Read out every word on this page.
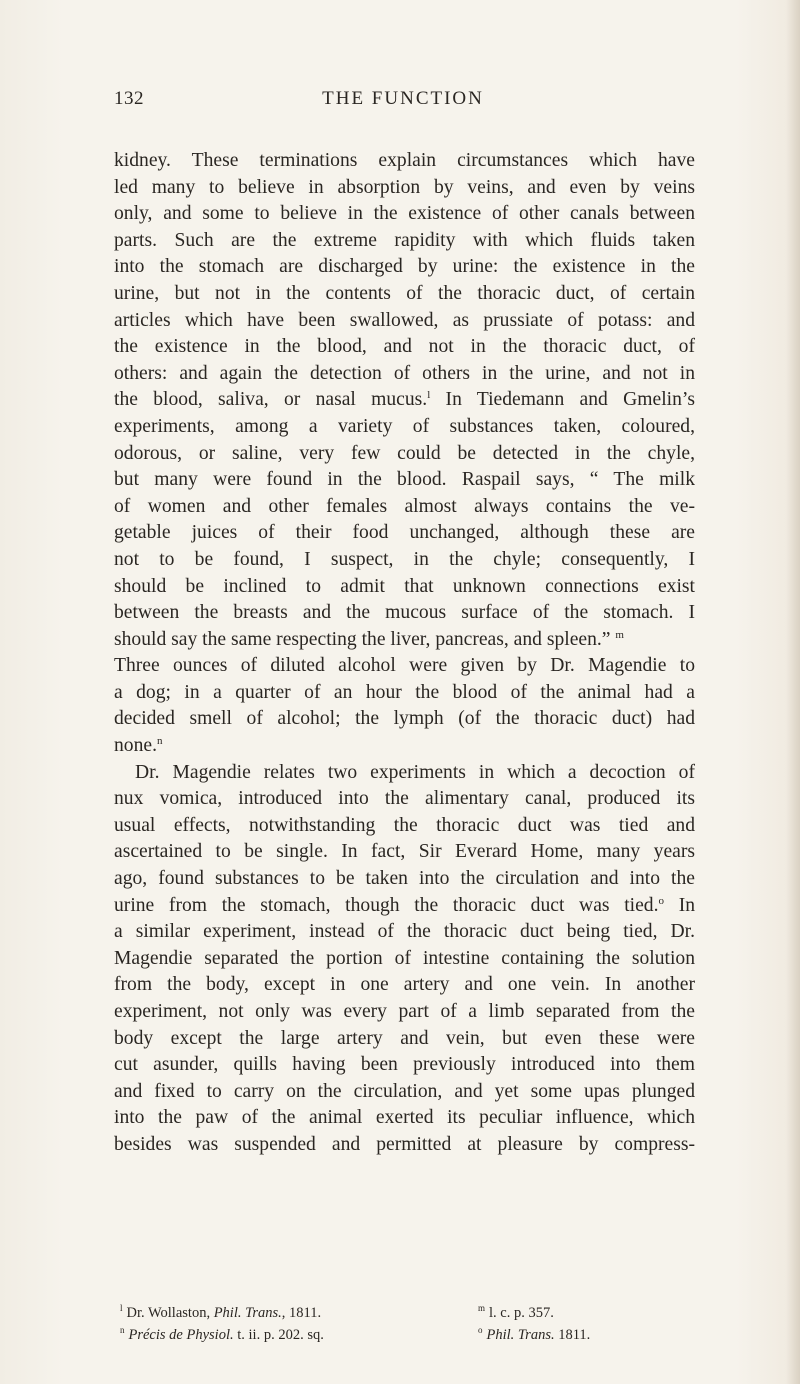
132	THE FUNCTION
kidney. These terminations explain circumstances which have
led many to believe in absorption by veins, and even by veins
only, and some to believe in the existence of other canals between
parts. Such are the extreme rapidity with which fluids taken
into the stomach are discharged by urine: the existence in the
urine, but not in the contents of the thoracic duct, of certain
articles which have been swallowed, as prussiate of potass: and
the existence in the blood, and not in the thoracic duct, of
others: and again the detection of others in the urine, and not in
the blood, saliva, or nasal mucus.$^l$ In Tiedemann and Gmelin’s
experiments, among a variety of substances taken, coloured,
odorous, or saline, very few could be detected in the chyle,
but many were found in the blood. Raspail says, “ The milk
of women and other females almost always contains the ve-
getable juices of their food unchanged, although these are
not to be found, I suspect, in the chyle; consequently, I
should be inclined to admit that unknown connections exist
between the breasts and the mucous surface of the stomach. I
should say the same respecting the liver, pancreas, and spleen.” $^m$
Three ounces of diluted alcohol were given by Dr. Magendie to
a dog; in a quarter of an hour the blood of the animal had a
decided smell of alcohol; the lymph (of the thoracic duct) had
none.$^n$
Dr. Magendie relates two experiments in which a decoction of
nux vomica, introduced into the alimentary canal, produced its
usual effects, notwithstanding the thoracic duct was tied and
ascertained to be single. In fact, Sir Everard Home, many years
ago, found substances to be taken into the circulation and into the
urine from the stomach, though the thoracic duct was tied.$^o$ In
a similar experiment, instead of the thoracic duct being tied, Dr.
Magendie separated the portion of intestine containing the solution
from the body, except in one artery and one vein. In another
experiment, not only was every part of a limb separated from the
body except the large artery and vein, but even these were
cut asunder, quills having been previously introduced into them
and fixed to carry on the circulation, and yet some upas plunged
into the paw of the animal exerted its peculiar influence, which
besides was suspended and permitted at pleasure by compress-
$^l$ Dr. Wollaston, Phil. Trans., 1811.	$^m$ l. c. p. 357.
$^n$ Précis de Physiol. t. ii. p. 202. sq.	$^o$ Phil. Trans. 1811.
